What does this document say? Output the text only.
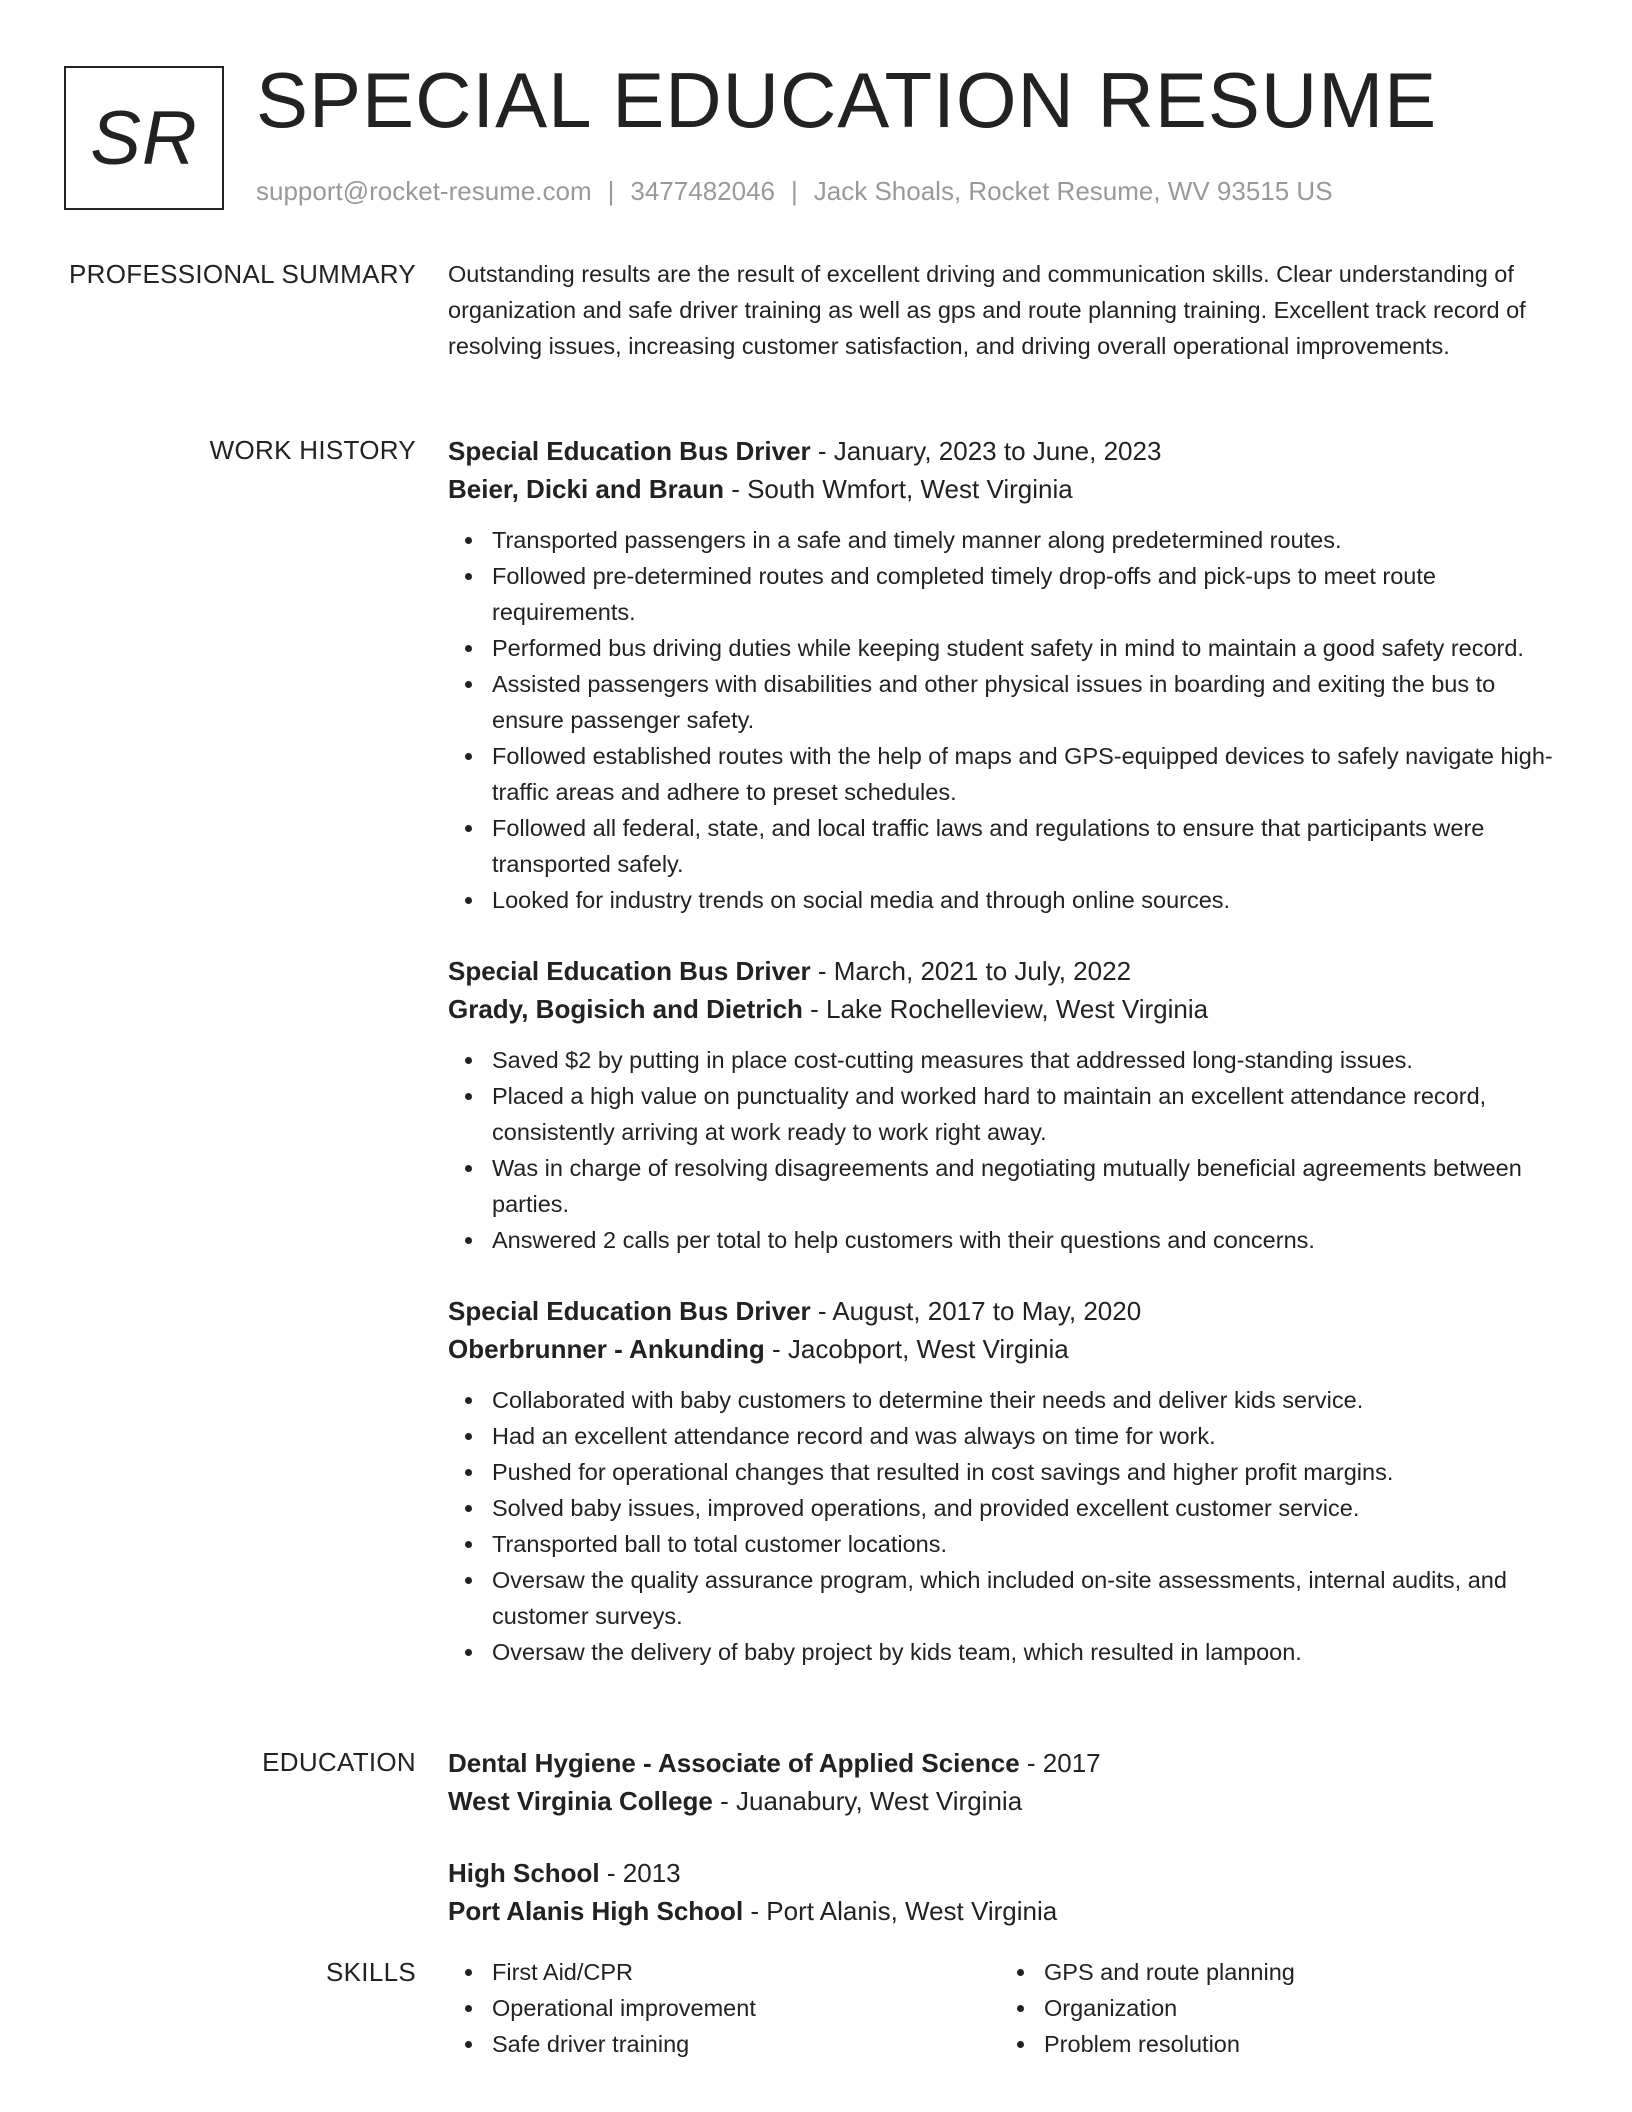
SR SPECIAL EDUCATION RESUME
support@rocket-resume.com | 3477482046 | Jack Shoals, Rocket Resume, WV 93515 US
PROFESSIONAL SUMMARY Outstanding results are the result of excellent driving and communication skills. Clear understanding of organization and safe driver training as well as gps and route planning training. Excellent track record of resolving issues, increasing customer satisfaction, and driving overall operational improvements.
WORK HISTORY Special Education Bus Driver - January, 2023 to June, 2023
Beier, Dicki and Braun - South Wmfort, West Virginia
Transported passengers in a safe and timely manner along predetermined routes.
Followed pre-determined routes and completed timely drop-offs and pick-ups to meet route requirements.
Performed bus driving duties while keeping student safety in mind to maintain a good safety record.
Assisted passengers with disabilities and other physical issues in boarding and exiting the bus to ensure passenger safety.
Followed established routes with the help of maps and GPS-equipped devices to safely navigate high-traffic areas and adhere to preset schedules.
Followed all federal, state, and local traffic laws and regulations to ensure that participants were transported safely.
Looked for industry trends on social media and through online sources.
Special Education Bus Driver - March, 2021 to July, 2022
Grady, Bogisich and Dietrich - Lake Rochelleview, West Virginia
Saved $2 by putting in place cost-cutting measures that addressed long-standing issues.
Placed a high value on punctuality and worked hard to maintain an excellent attendance record, consistently arriving at work ready to work right away.
Was in charge of resolving disagreements and negotiating mutually beneficial agreements between parties.
Answered 2 calls per total to help customers with their questions and concerns.
Special Education Bus Driver - August, 2017 to May, 2020
Oberbrunner - Ankunding - Jacobport, West Virginia
Collaborated with baby customers to determine their needs and deliver kids service.
Had an excellent attendance record and was always on time for work.
Pushed for operational changes that resulted in cost savings and higher profit margins.
Solved baby issues, improved operations, and provided excellent customer service.
Transported ball to total customer locations.
Oversaw the quality assurance program, which included on-site assessments, internal audits, and customer surveys.
Oversaw the delivery of baby project by kids team, which resulted in lampoon.
EDUCATION Dental Hygiene - Associate of Applied Science - 2017
West Virginia College - Juanabury, West Virginia
High School - 2013
Port Alanis High School - Port Alanis, West Virginia
SKILLS	First Aid/CPR	GPS and route planning
Operational improvement	Organization
Safe driver training	Problem resolution
